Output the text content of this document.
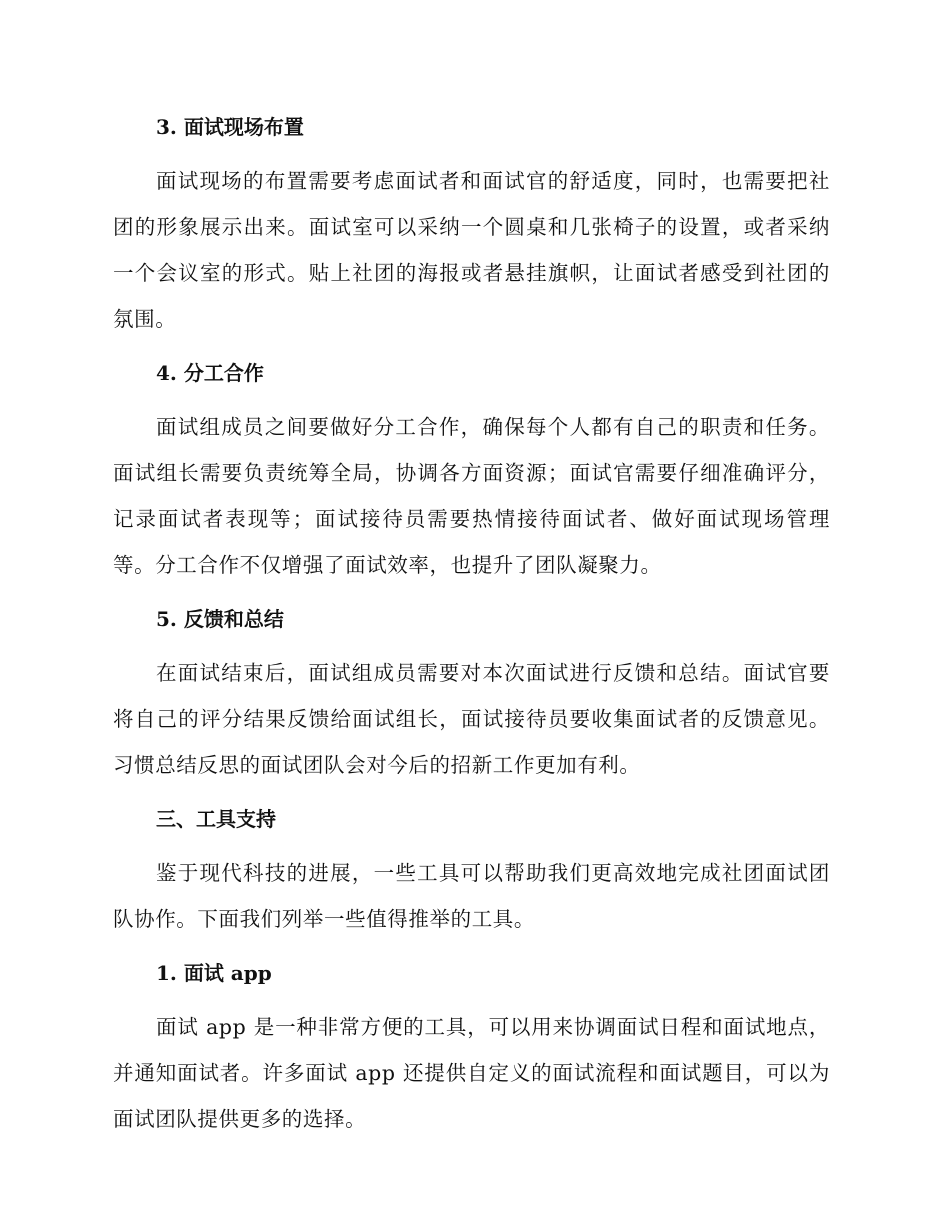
3. 面试现场布置

面试现场的布置需要考虑面试者和面试官的舒适度，同时，也需要把社团的形象展示出来。面试室可以采纳一个圆桌和几张椅子的设置，或者采纳一个会议室的形式。贴上社团的海报或者悬挂旗帜，让面试者感受到社团的氛围。

4. 分工合作

面试组成员之间要做好分工合作，确保每个人都有自己的职责和任务。面试组长需要负责统筹全局，协调各方面资源；面试官需要仔细准确评分，记录面试者表现等；面试接待员需要热情接待面试者、做好面试现场管理等。分工合作不仅增强了面试效率，也提升了团队凝聚力。

5. 反馈和总结

在面试结束后，面试组成员需要对本次面试进行反馈和总结。面试官要将自己的评分结果反馈给面试组长，面试接待员要收集面试者的反馈意见。习惯总结反思的面试团队会对今后的招新工作更加有利。

三、工具支持

鉴于现代科技的进展，一些工具可以帮助我们更高效地完成社团面试团队协作。下面我们列举一些值得推举的工具。

1. 面试 app

面试 app 是一种非常方便的工具，可以用来协调面试日程和面试地点，并通知面试者。许多面试 app 还提供自定义的面试流程和面试题目，可以为面试团队提供更多的选择。
